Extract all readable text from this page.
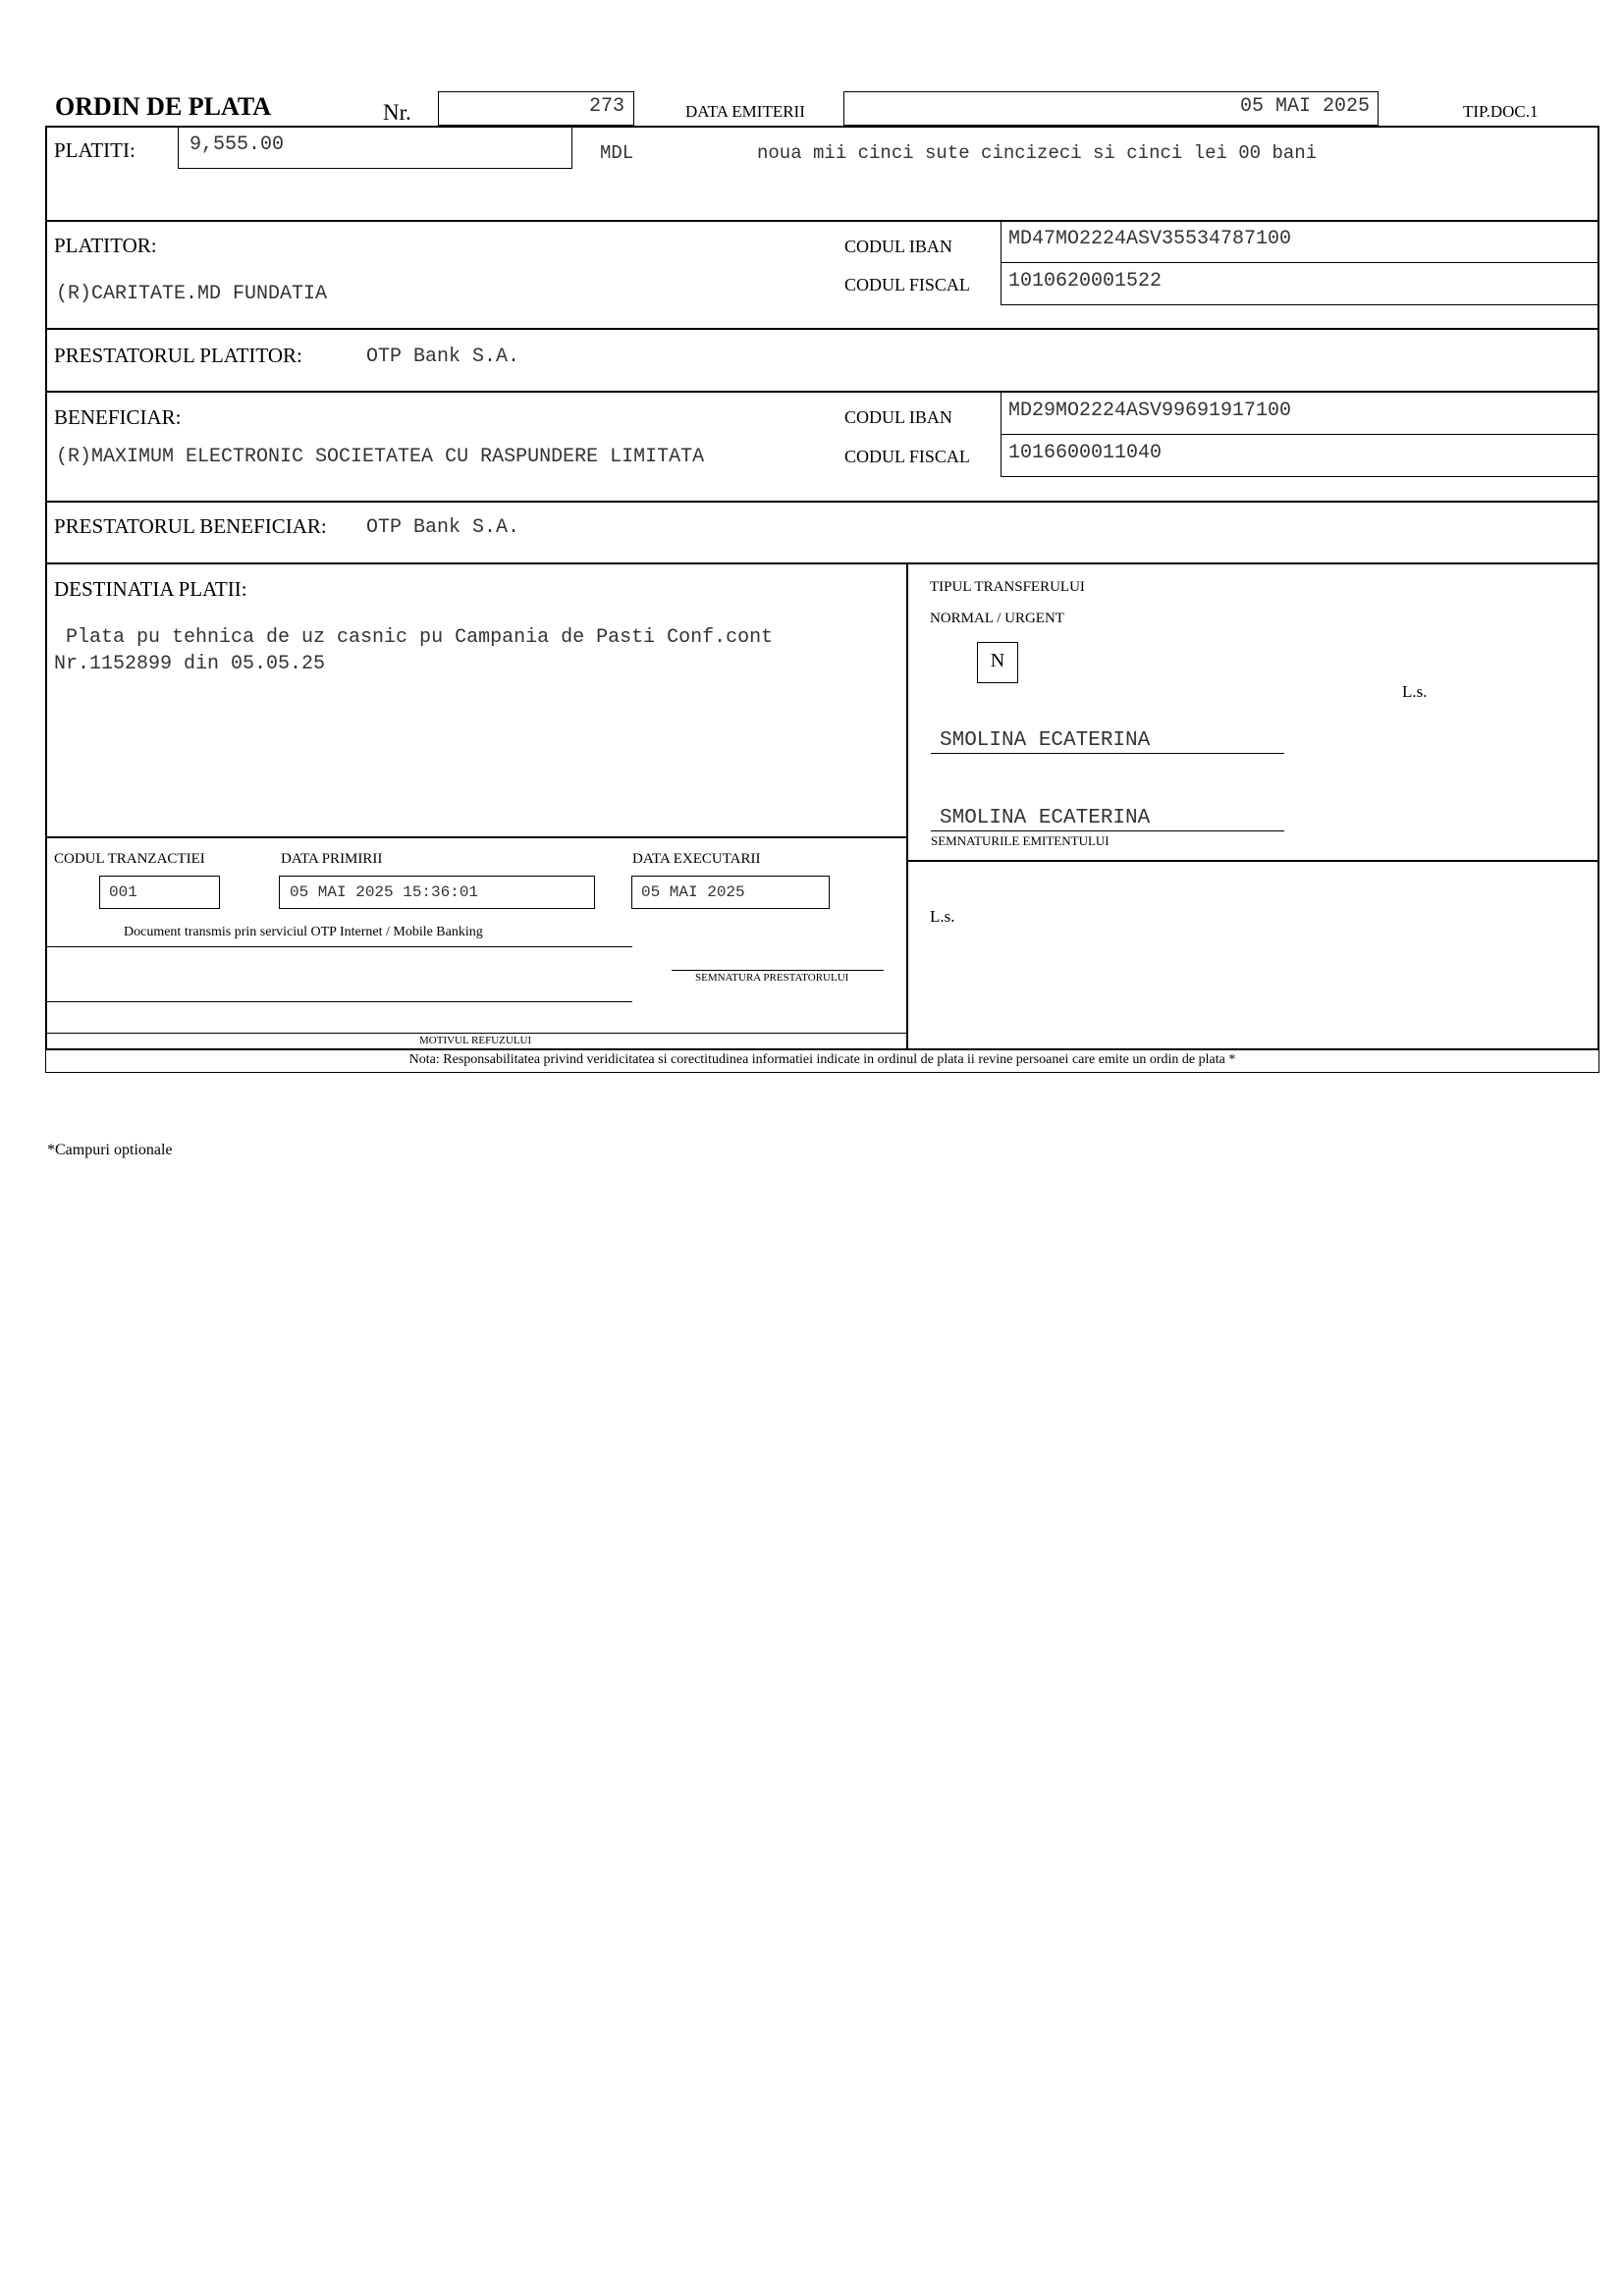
ORDIN DE PLATA	Nr.	273	DATA EMITERII	05 MAI 2025	TIP.DOC.1
PLATITI:	9,555.00	MDL	noua mii cinci sute cincizeci si cinci lei 00 bani
PLATITOR:
(R)CARITATE.MD FUNDATIA
CODUL IBAN	MD47MO2224ASV35534787100
CODUL FISCAL 1010620001522
PRESTATORUL PLATITOR:	OTP Bank S.A.
BENEFICIAR:
(R)MAXIMUM ELECTRONIC SOCIETATEA CU RASPUNDERE LIMITATA
CODUL IBAN	MD29MO2224ASV99691917100
CODUL FISCAL 1016600011040
PRESTATORUL BENEFICIAR: OTP Bank S.A.
DESTINATIA PLATII:
Plata pu tehnica de uz casnic pu Campania de Pasti Conf.cont
Nr.1152899 din 05.05.25
TIPUL TRANSFERULUI
NORMAL / URGENT
N
L.s.
SMOLINA ECATERINA
SMOLINA ECATERINA
SEMNATURILE EMITENTULUI
L.s.
CODUL TRANZACTIEI
001
DATA PRIMIRII
05 MAI 2025 15:36:01
DATA EXECUTARII
05 MAI 2025
Document transmis prin serviciul OTP Internet / Mobile Banking
SEMNATURA PRESTATORULUI
MOTIVUL REFUZULUI
Nota: Responsabilitatea privind veridicitatea si corectitudinea informatiei indicate in ordinul de plata ii revine persoanei care emite un ordin de plata *
*Campuri optionale
